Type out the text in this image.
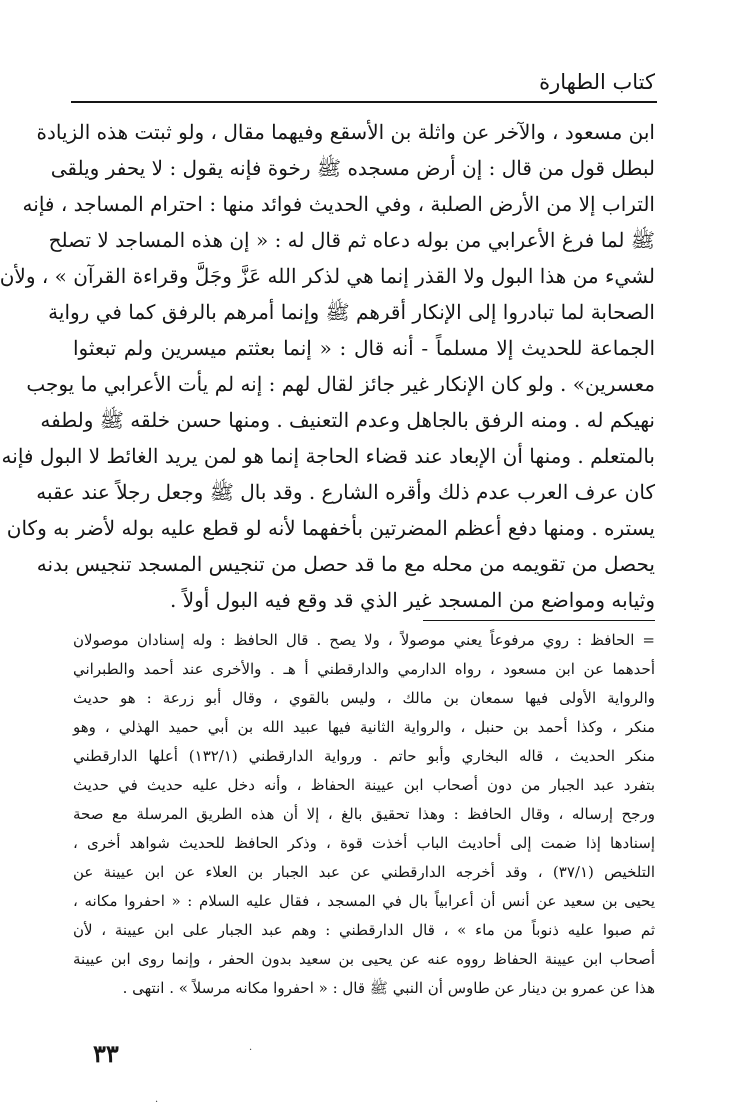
كتاب الطهارة
ابن مسعود ، والآخر عن واثلة بن الأسقع وفيهما مقال ، ولو ثبتت هذه الزيادة
لبطل قول من قال : إن أرض مسجده ﷺ رخوة فإنه يقول : لا يحفر ويلقى
التراب إلا من الأرض الصلبة ، وفي الحديث فوائد منها : احترام المساجد ، فإنه
ﷺ لما فرغ الأعرابي من بوله دعاه ثم قال له : « إن هذه المساجد لا تصلح
لشيء من هذا البول ولا القذر إنما هي لذكر الله عَزَّ وجَلَّ وقراءة القرآن » ، ولأن
الصحابة لما تبادروا إلى الإنكار أقرهم ﷺ وإنما أمرهم بالرفق كما في رواية
الجماعة للحديث إلا مسلماً - أنه قال : « إنما بعثتم ميسرين ولم تبعثوا
معسرين» . ولو كان الإنكار غير جائز لقال لهم : إنه لم يأت الأعرابي ما يوجب
نهيكم له . ومنه الرفق بالجاهل وعدم التعنيف . ومنها حسن خلقه ﷺ ولطفه
بالمتعلم . ومنها أن الإبعاد عند قضاء الحاجة إنما هو لمن يريد الغائط لا البول فإنه
كان عرف العرب عدم ذلك وأقره الشارع . وقد بال ﷺ وجعل رجلاً عند عقبه
يستره . ومنها دفع أعظم المضرتين بأخفهما لأنه لو قطع عليه بوله لأضر به وكان
يحصل من تقويمه من محله مع ما قد حصل من تنجيس المسجد تنجيس بدنه
وثيابه ومواضع من المسجد غير الذي قد وقع فيه البول أولاً .
= الحافظ : روي مرفوعاً يعني موصولاً ، ولا يصح . قال الحافظ : وله إسنادان موصولان
أحدهما عن ابن مسعود ، رواه الدارمي والدارقطني أ هـ . والأخرى عند أحمد والطبراني
والرواية الأولى فيها سمعان بن مالك ، وليس بالقوي ، وقال أبو زرعة : هو حديث
منكر ، وكذا أحمد بن حنبل ، والرواية الثانية فيها عبيد الله بن أبي حميد الهذلي ، وهو
منكر الحديث ، قاله البخاري وأبو حاتم . ورواية الدارقطني (١٣٢/١) أعلها الدارقطني
بتفرد عبد الجبار من دون أصحاب ابن عيينة الحفاظ ، وأنه دخل عليه حديث في حديث
ورجح إرساله ، وقال الحافظ : وهذا تحقيق بالغ ، إلا أن هذه الطريق المرسلة مع صحة
إسنادها إذا ضمت إلى أحاديث الباب أخذت قوة ، وذكر الحافظ للحديث شواهد أخرى ،
التلخيص (٣٧/١) ، وقد أخرجه الدارقطني عن عبد الجبار بن العلاء عن ابن عيينة عن
يحيى بن سعيد عن أنس أن أعرابياً بال في المسجد ، فقال عليه السلام : « احفروا مكانه ،
ثم صبوا عليه ذنوباً من ماء » ، قال الدارقطني : وهم عبد الجبار على ابن عيينة ، لأن
أصحاب ابن عيينة الحفاظ رووه عنه عن يحيى بن سعيد بدون الحفر ، وإنما روى ابن عيينة
هذا عن عمرو بن دينار عن طاوس أن النبي ﷺ قال : « احفروا مكانه مرسلاً » . انتهى .
٣٣	·
·
